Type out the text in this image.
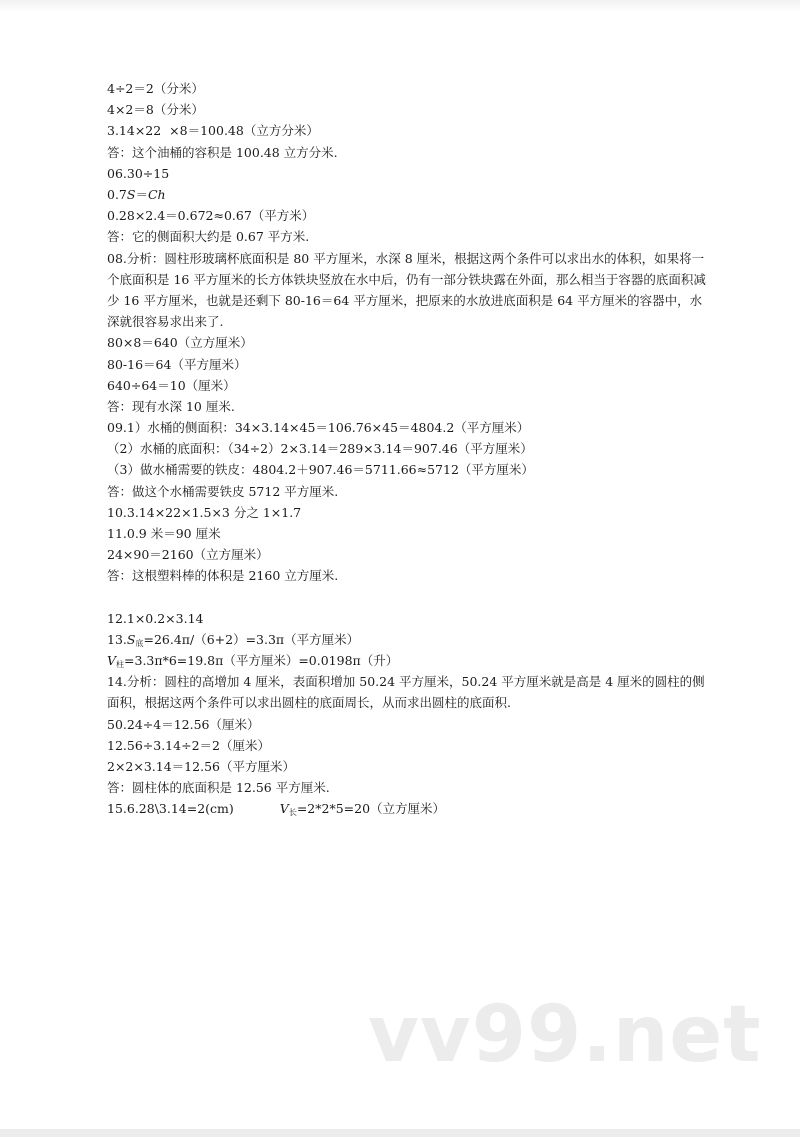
4÷2＝2（分米）
4×2＝8（分米）
3.14×22  ×8＝100.48（立方分米）
答：这个油桶的容积是 100.48 立方分米.
06.30÷15
0.7S＝Ch
0.28×2.4＝0.672≈0.67（平方米）
答：它的侧面积大约是 0.67 平方米.
08.分析：圆柱形玻璃杯底面积是 80 平方厘米，水深 8 厘米，根据这两个条件可以求出水的体积，如果将一个底面积是 16 平方厘米的长方体铁块竖放在水中后，仍有一部分铁块露在外面，那么相当于容器的底面积减少 16 平方厘米，也就是还剩下 80-16＝64 平方厘米，把原来的水放进底面积是 64 平方厘米的容器中，水深就很容易求出来了.
80×8＝640（立方厘米）
80-16＝64（平方厘米）
640÷64＝10（厘米）
答：现有水深 10 厘米.
09.1）水桶的侧面积：34×3.14×45＝106.76×45＝4804.2（平方厘米）
（2）水桶的底面积：（34÷2）2×3.14＝289×3.14＝907.46（平方厘米）
（3）做水桶需要的铁皮：4804.2＋907.46＝5711.66≈5712（平方厘米）
答：做这个水桶需要铁皮 5712 平方厘米.
10.3.14×22×1.5×3 分之 1×1.7
11.0.9 米＝90 厘米
24×90＝2160（立方厘米）
答：这根塑料棒的体积是 2160 立方厘米.
12.1×0.2×3.14
$13.S_底=26.4\pi/(6+2)=3.3\pi$（平方厘米）
$V_柱=3.3\pi*6=19.8\pi$（平方厘米）=0.0198π（升）
14.分析：圆柱的高增加 4 厘米，表面积增加 50.24 平方厘米，50.24 平方厘米就是高是 4 厘米的圆柱的侧面积，根据这两个条件可以求出圆柱的底面周长，从而求出圆柱的底面积.
50.24÷4＝12.56（厘米）
12.56÷3.14÷2＝2（厘米）
2×2×3.14＝12.56（平方厘米）
答：圆柱体的底面积是 12.56 平方厘米.
15.6.28\3.14=2(cm)	$V_长=2*2*5=20$（立方厘米）
vv99.net
